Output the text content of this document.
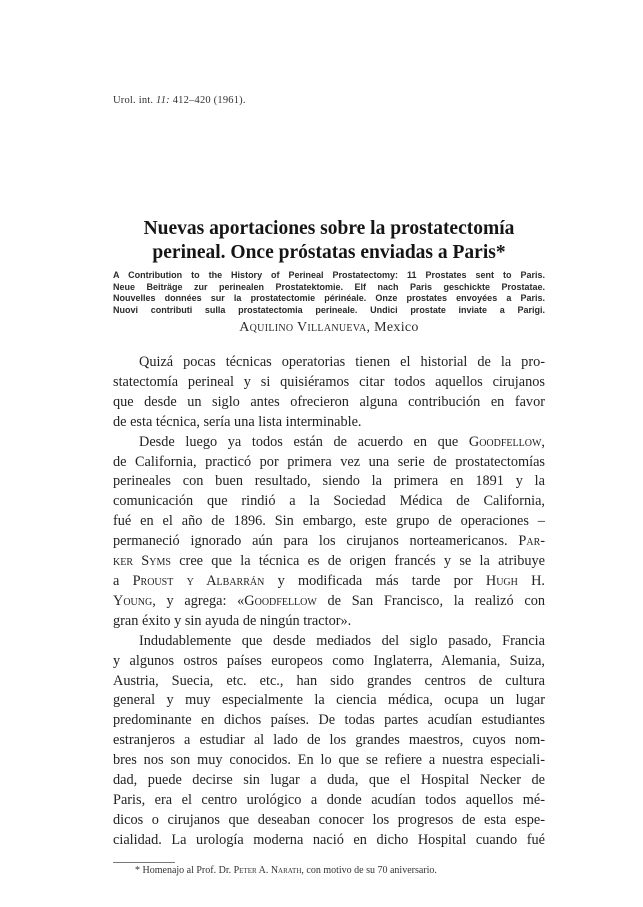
Urol. int. 11: 412–420 (1961).
Nuevas aportaciones sobre la prostatectomía
perineal. Once próstatas enviadas a Paris*
A Contribution to the History of Perineal Prostatectomy: 11 Prostates sent to Paris.
Neue Beiträge zur perinealen Prostatektomie. Elf nach Paris geschickte Prostatae.
Nouvelles données sur la prostatectomie périnéale. Onze prostates envoyées a Paris.
Nuovi contributi sulla prostatectomia perineale. Undici prostate inviate a Parigi.
Aquilino Villanueva, Mexico
Quizá pocas técnicas operatorias tienen el historial de la pro-
statectomía perineal y si quisiéramos citar todos aquellos cirujanos
que desde un siglo antes ofrecieron alguna contribución en favor
de esta técnica, sería una lista interminable.
Desde luego ya todos están de acuerdo en que Goodfellow,
de California, practicó por primera vez una serie de prostatectomías
perineales con buen resultado, siendo la primera en 1891 y la
comunicación que rindió a la Sociedad Médica de California,
fué en el año de 1896. Sin embargo, este grupo de operaciones –
permaneció ignorado aún para los cirujanos norteamericanos. Par-
ker Syms cree que la técnica es de origen francés y se la atribuye
a Proust y Albarrán y modificada más tarde por Hugh H.
Young, y agrega: «Goodfellow de San Francisco, la realizó con
gran éxito y sin ayuda de ningún tractor».
Indudablemente que desde mediados del siglo pasado, Francia
y algunos ostros países europeos como Inglaterra, Alemania, Suiza,
Austria, Suecia, etc. etc., han sido grandes centros de cultura
general y muy especialmente la ciencia médica, ocupa un lugar
predominante en dichos países. De todas partes acudían estudiantes
estranjeros a estudiar al lado de los grandes maestros, cuyos nom-
bres nos son muy conocidos. En lo que se refiere a nuestra especiali-
dad, puede decirse sin lugar a duda, que el Hospital Necker de
Paris, era el centro urológico a donde acudían todos aquellos mé-
dicos o cirujanos que deseaban conocer los progresos de esta espe-
cialidad. La urología moderna nació en dicho Hospital cuando fué
* Homenajo al Prof. Dr. Peter A. Narath, con motivo de su 70 aniversario.
